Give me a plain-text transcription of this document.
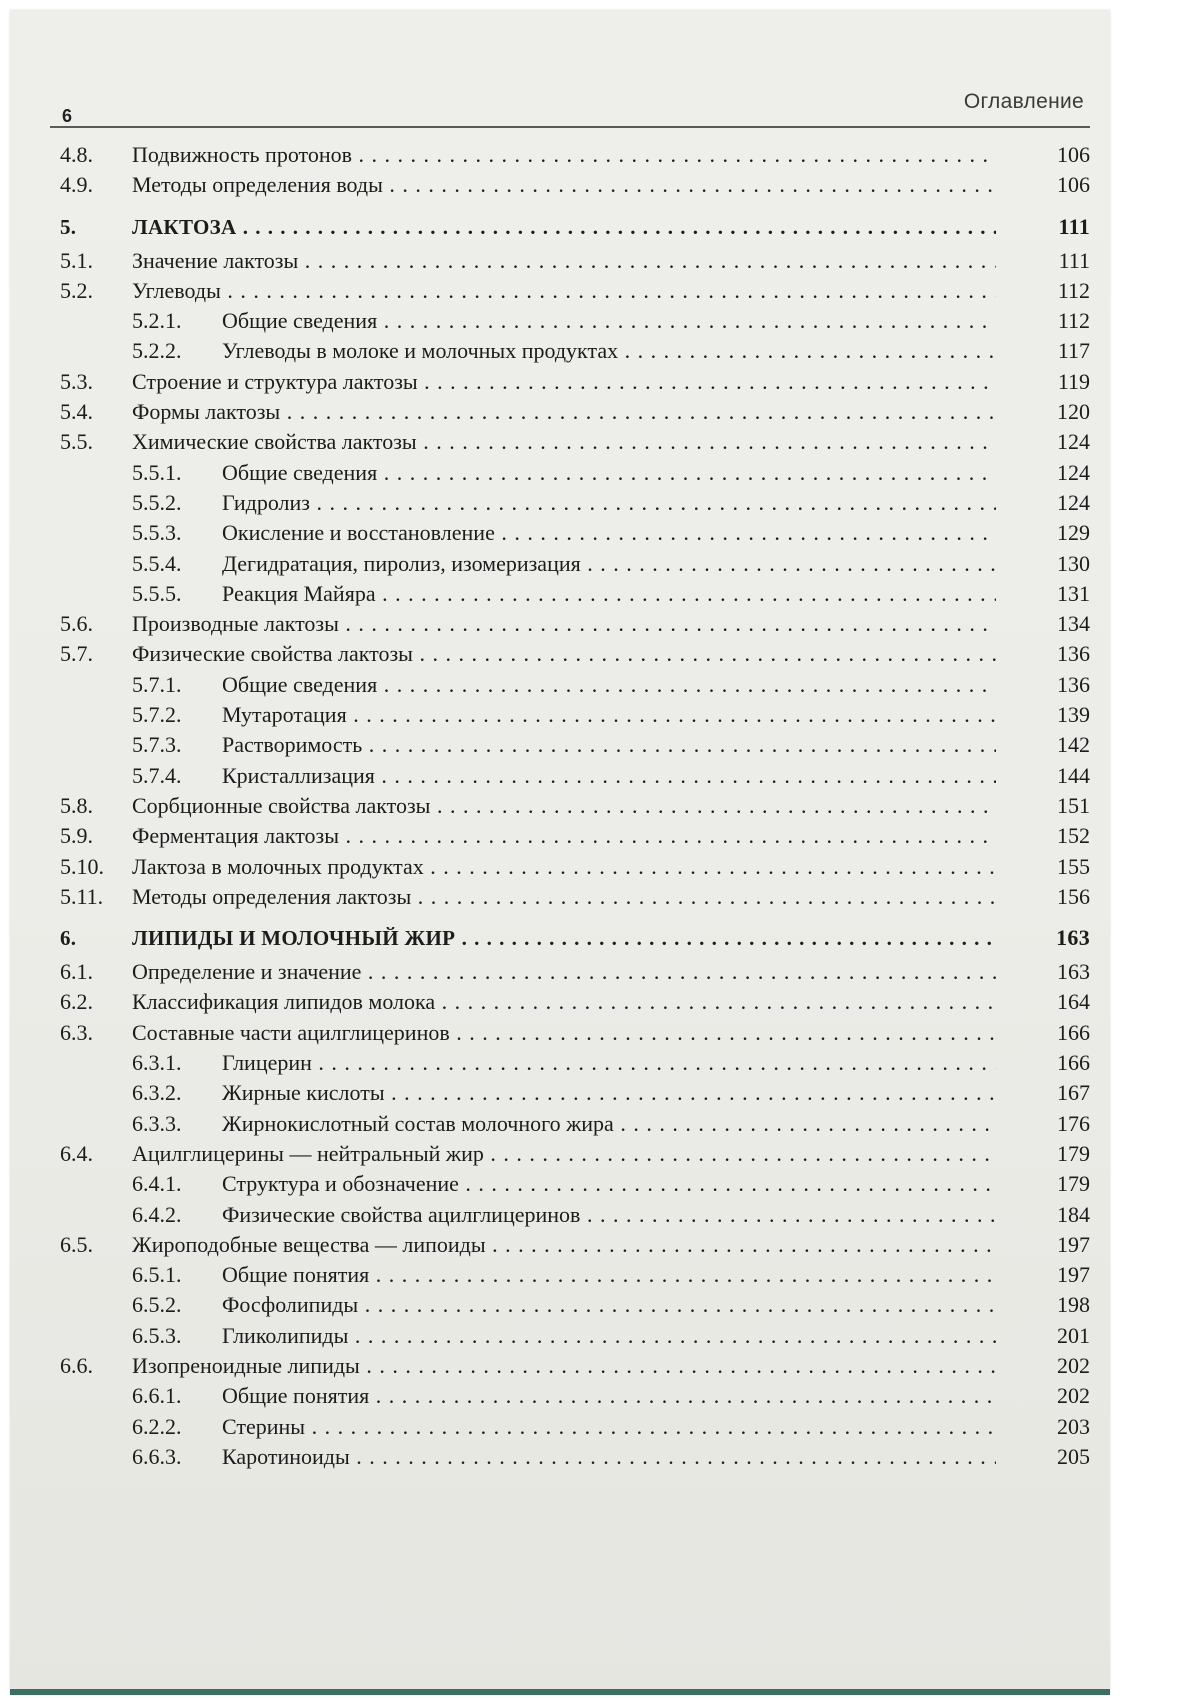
6
Оглавление
4.8. Подвижность протонов . . .	106
4.9. Методы определения воды . . .	106
5.	ЛАКТОЗА . . .	111
5.1. Значение лактозы . . .	111
5.2. Углеводы . . .	112
5.2.1. Общие сведения . . .	112
5.2.2. Углеводы в молоке и молочных продуктах . . .	117
5.3. Строение и структура лактозы . . .	119
5.4. Формы лактозы . . .	120
5.5. Химические свойства лактозы . . .	124
5.5.1. Общие сведения . . .	124
5.5.2. Гидролиз . . .	124
5.5.3. Окисление и восстановление . . .	129
5.5.4. Дегидратация, пиролиз, изомеризация . . .	130
5.5.5. Реакция Майяра . . .	131
5.6. Производные лактозы . . .	134
5.7. Физические свойства лактозы . . .	136
5.7.1. Общие сведения . . .	136
5.7.2. Мутаротация . . .	139
5.7.3. Растворимость . . .	142
5.7.4. Кристаллизация . . .	144
5.8. Сорбционные свойства лактозы . . .	151
5.9. Ферментация лактозы . . .	152
5.10. Лактоза в молочных продуктах . . .	155
5.11. Методы определения лактозы . . .	156
6.	ЛИПИДЫ И МОЛОЧНЫЙ ЖИР . . .	163
6.1. Определение и значение . . .	163
6.2. Классификация липидов молока . . .	164
6.3. Составные части ацилглицеринов . . .	166
6.3.1. Глицерин . . .	166
6.3.2. Жирные кислоты . . .	167
6.3.3. Жирнокислотный состав молочного жира . . .	176
6.4. Ацилглицерины — нейтральный жир . . .	179
6.4.1. Структура и обозначение . . .	179
6.4.2. Физические свойства ацилглицеринов . . .	184
6.5. Жироподобные вещества — липоиды . . .	197
6.5.1. Общие понятия . . .	197
6.5.2. Фосфолипиды . . .	198
6.5.3. Гликолипиды . . .	201
6.6. Изопреноидные липиды . . .	202
6.6.1. Общие понятия . . .	202
6.2.2. Стерины . . .	203
6.6.3. Каротиноиды . . .	205
